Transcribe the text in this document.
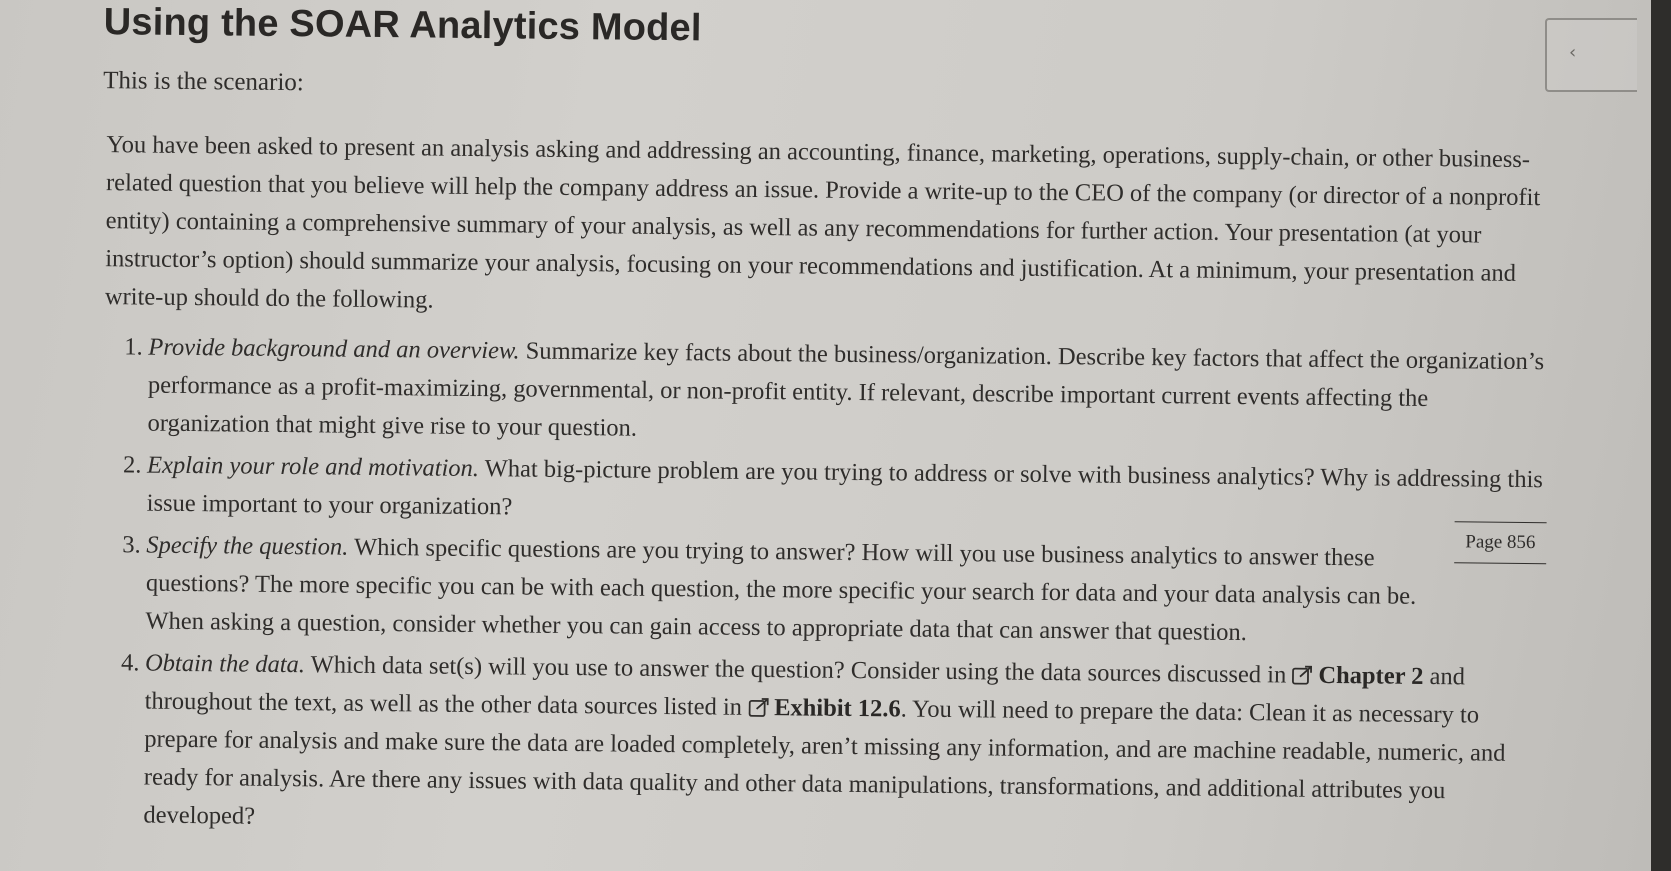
Using the SOAR Analytics Model

This is the scenario:

You have been asked to present an analysis asking and addressing an accounting, finance, marketing, operations, supply-chain, or other business-related question that you believe will help the company address an issue. Provide a write-up to the CEO of the company (or director of a nonprofit entity) containing a comprehensive summary of your analysis, as well as any recommendations for further action. Your presentation (at your instructor’s option) should summarize your analysis, focusing on your recommendations and justification. At a minimum, your presentation and write-up should do the following.

1. Provide background and an overview. Summarize key facts about the business/organization. Describe key factors that affect the organization’s performance as a profit-maximizing, governmental, or non-profit entity. If relevant, describe important current events affecting the organization that might give rise to your question.
2. Explain your role and motivation. What big-picture problem are you trying to address or solve with business analytics? Why is addressing this issue important to your organization?
3. Specify the question. Which specific questions are you trying to answer? How will you use business analytics to answer these questions? The more specific you can be with each question, the more specific your search for data and your data analysis can be. When asking a question, consider whether you can gain access to appropriate data that can answer that question.
Page 856
4. Obtain the data. Which data set(s) will you use to answer the question? Consider using the data sources discussed in Chapter 2 and throughout the text, as well as the other data sources listed in Exhibit 12.6. You will need to prepare the data: Clean it as necessary to prepare for analysis and make sure the data are loaded completely, aren’t missing any information, and are machine readable, numeric, and ready for analysis. Are there any issues with data quality and other data manipulations, transformations, and additional attributes you developed?
‹
